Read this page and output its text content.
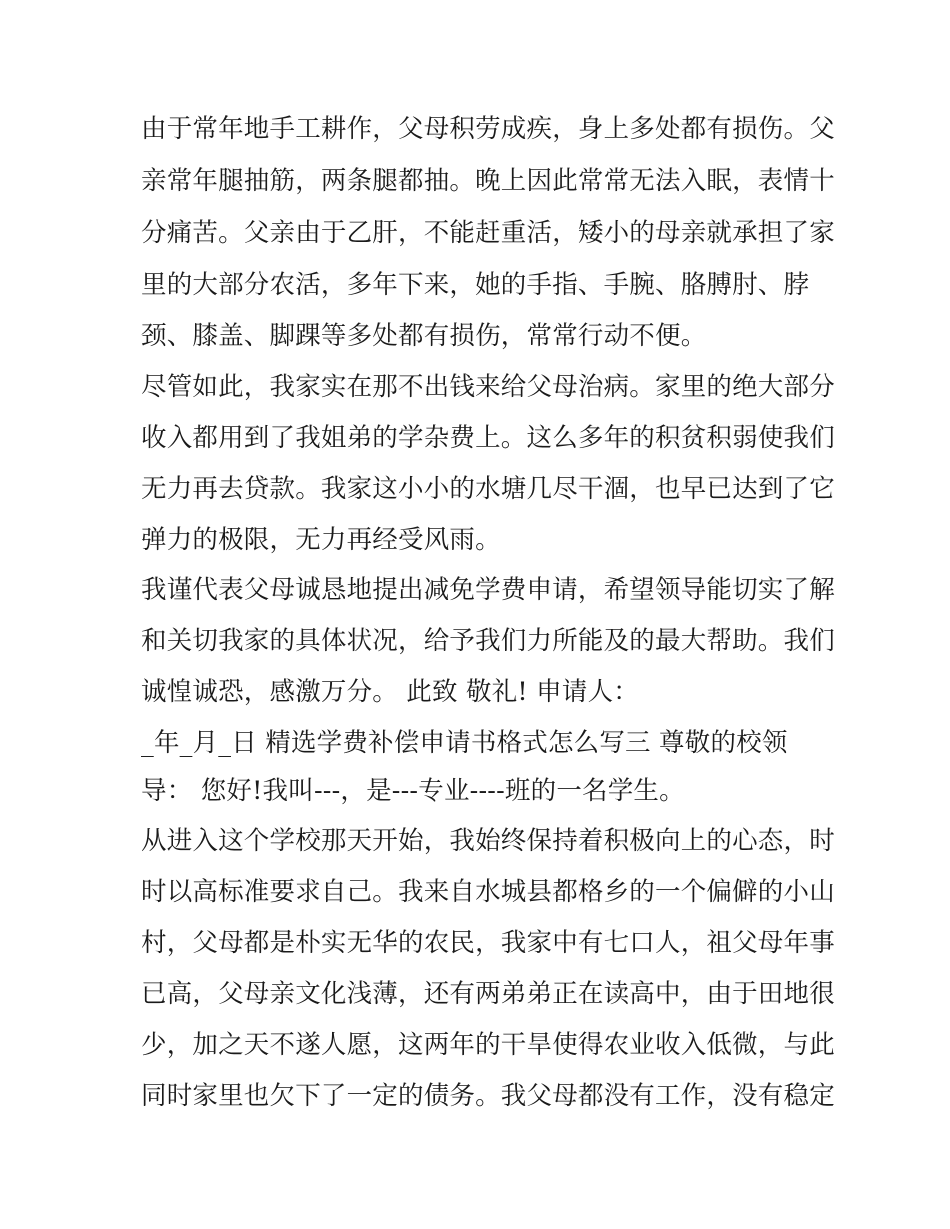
由于常年地手工耕作，父母积劳成疾，身上多处都有损伤。父
亲常年腿抽筋，两条腿都抽。晚上因此常常无法入眠，表情十
分痛苦。父亲由于乙肝，不能赶重活，矮小的母亲就承担了家
里的大部分农活，多年下来，她的手指、手腕、胳膊肘、脖
颈、膝盖、脚踝等多处都有损伤，常常行动不便。
尽管如此，我家实在那不出钱来给父母治病。家里的绝大部分
收入都用到了我姐弟的学杂费上。这么多年的积贫积弱使我们
无力再去贷款。我家这小小的水塘几尽干涸，也早已达到了它
弹力的极限，无力再经受风雨。
我谨代表父母诚恳地提出减免学费申请，希望领导能切实了解
和关切我家的具体状况，给予我们力所能及的最大帮助。我们
诚惶诚恐，感激万分。 此致 敬礼! 申请人：
_年_月_日 精选学费补偿申请书格式怎么写三 尊敬的校领
导： 您好!我叫---，是---专业----班的一名学生。
从进入这个学校那天开始，我始终保持着积极向上的心态，时
时以高标准要求自己。我来自水城县都格乡的一个偏僻的小山
村，父母都是朴实无华的农民，我家中有七口人，祖父母年事
已高，父母亲文化浅薄，还有两弟弟正在读高中，由于田地很
少，加之天不遂人愿，这两年的干旱使得农业收入低微，与此
同时家里也欠下了一定的债务。我父母都没有工作，没有稳定
